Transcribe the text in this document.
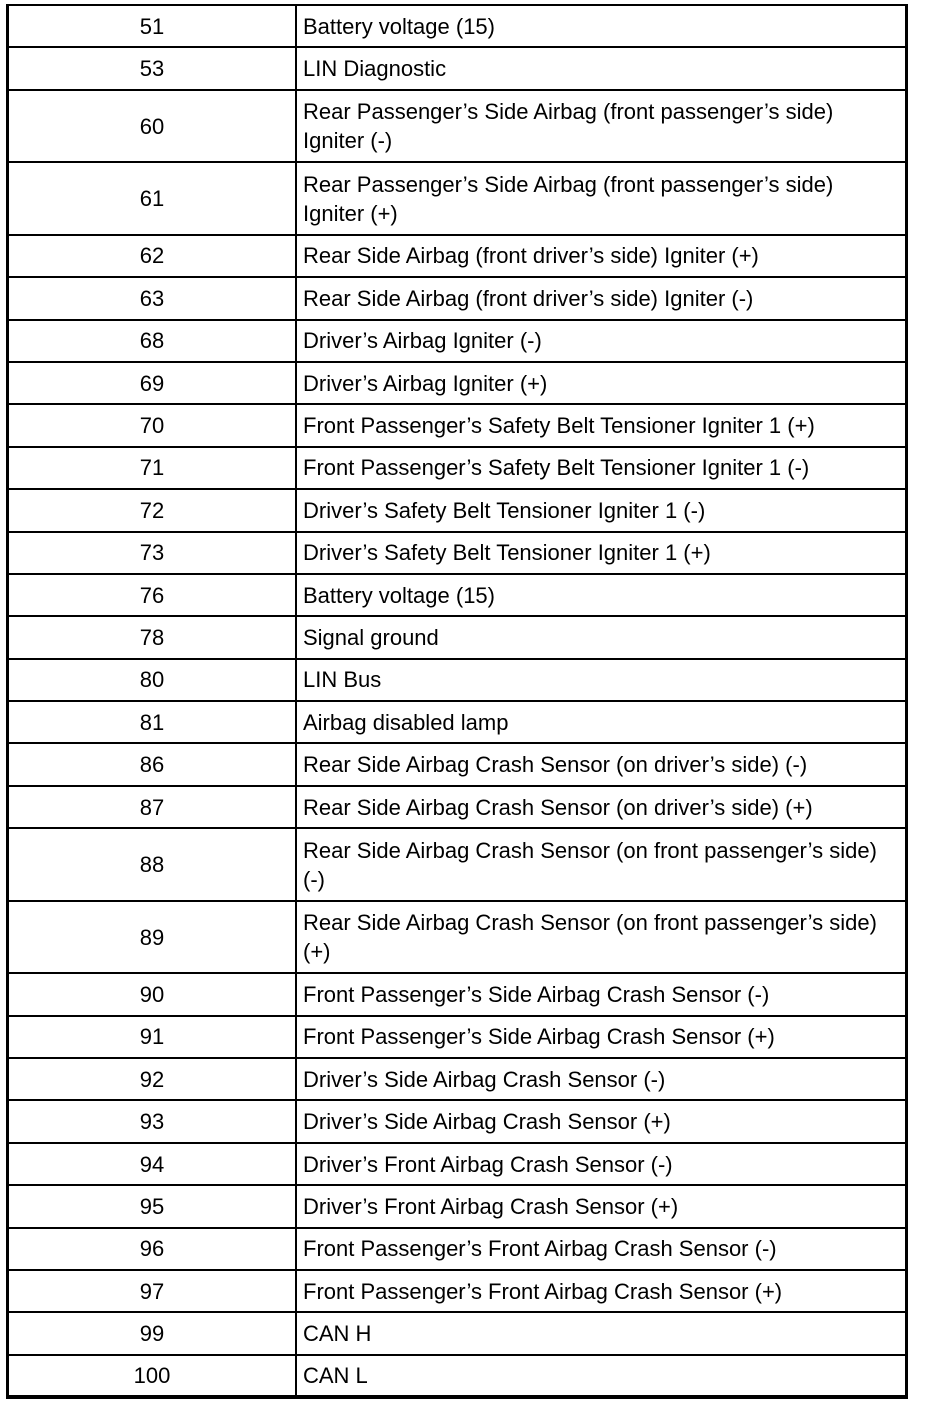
51	Battery voltage (15)
53	LIN Diagnostic
60	Rear Passenger’s Side Airbag (front passenger’s side) Igniter (-)
61	Rear Passenger’s Side Airbag (front passenger’s side) Igniter (+)
62	Rear Side Airbag (front driver’s side) Igniter (+)
63	Rear Side Airbag (front driver’s side) Igniter (-)
68	Driver’s Airbag Igniter (-)
69	Driver’s Airbag Igniter (+)
70	Front Passenger’s Safety Belt Tensioner Igniter 1 (+)
71	Front Passenger’s Safety Belt Tensioner Igniter 1 (-)
72	Driver’s Safety Belt Tensioner Igniter 1 (-)
73	Driver’s Safety Belt Tensioner Igniter 1 (+)
76	Battery voltage (15)
78	Signal ground
80	LIN Bus
81	Airbag disabled lamp
86	Rear Side Airbag Crash Sensor (on driver’s side) (-)
87	Rear Side Airbag Crash Sensor (on driver’s side) (+)
88	Rear Side Airbag Crash Sensor (on front passenger’s side) (-)
89	Rear Side Airbag Crash Sensor (on front passenger’s side) (+)
90	Front Passenger’s Side Airbag Crash Sensor (-)
91	Front Passenger’s Side Airbag Crash Sensor (+)
92	Driver’s Side Airbag Crash Sensor (-)
93	Driver’s Side Airbag Crash Sensor (+)
94	Driver’s Front Airbag Crash Sensor (-)
95	Driver’s Front Airbag Crash Sensor (+)
96	Front Passenger’s Front Airbag Crash Sensor (-)
97	Front Passenger’s Front Airbag Crash Sensor (+)
99	CAN H
100	CAN L
